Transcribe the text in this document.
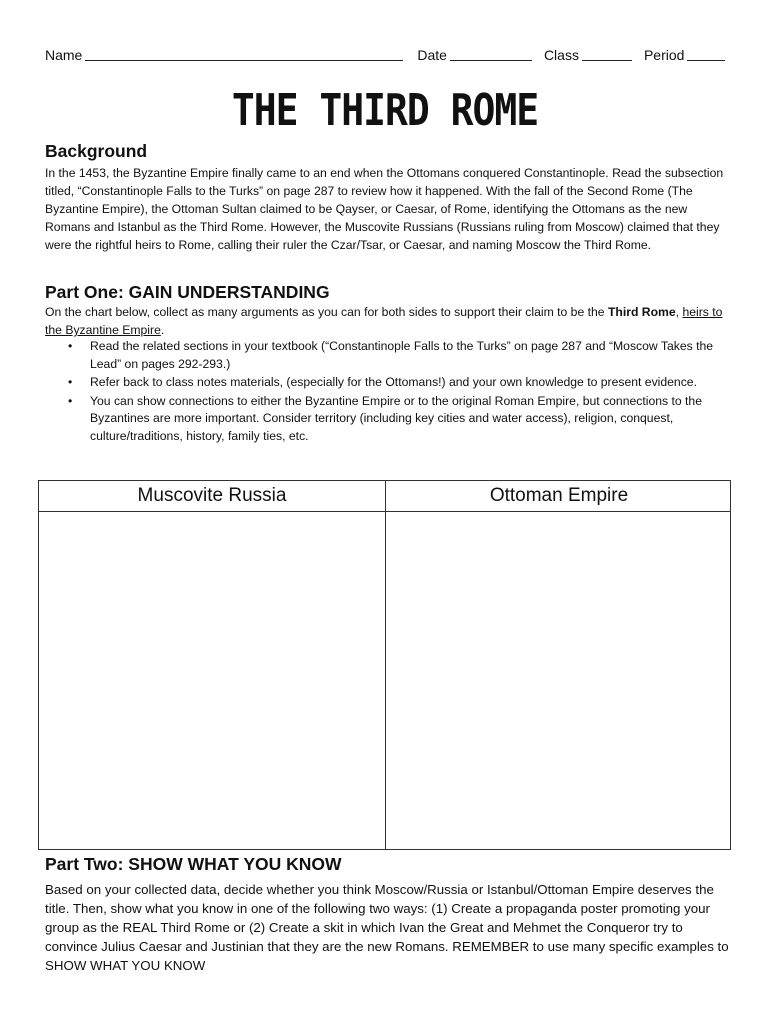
Name	Date	Class	Period
THE THIRD ROME
Background

In the 1453, the Byzantine Empire finally came to an end when the Ottomans conquered Constantinople. Read the subsection titled, “Constantinople Falls to the Turks” on page 287 to review how it happened. With the fall of the Second Rome (The Byzantine Empire), the Ottoman Sultan claimed to be Qayser, or Caesar, of Rome, identifying the Ottomans as the new Romans and Istanbul as the Third Rome. However, the Muscovite Russians (Russians ruling from Moscow) claimed that they were the rightful heirs to Rome, calling their ruler the Czar/Tsar, or Caesar, and naming Moscow the Third Rome.

Part One: GAIN UNDERSTANDING

On the chart below, collect as many arguments as you can for both sides to support their claim to be the Third Rome, heirs to the Byzantine Empire.

• Read the related sections in your textbook (“Constantinople Falls to the Turks” on page 287 and “Moscow Takes the Lead” on pages 292-293.)
• Refer back to class notes materials, (especially for the Ottomans!) and your own knowledge to present evidence.
• You can show connections to either the Byzantine Empire or to the original Roman Empire, but connections to the Byzantines are more important. Consider territory (including key cities and water access), religion, conquest, culture/traditions, history, family ties, etc.
Muscovite Russia	Ottoman Empire
Part Two: SHOW WHAT YOU KNOW

Based on your collected data, decide whether you think Moscow/Russia or Istanbul/Ottoman Empire deserves the title. Then, show what you know in one of the following two ways: (1) Create a propaganda poster promoting your group as the REAL Third Rome or (2) Create a skit in which Ivan the Great and Mehmet the Conqueror try to convince Julius Caesar and Justinian that they are the new Romans. REMEMBER to use many specific examples to SHOW WHAT YOU KNOW
